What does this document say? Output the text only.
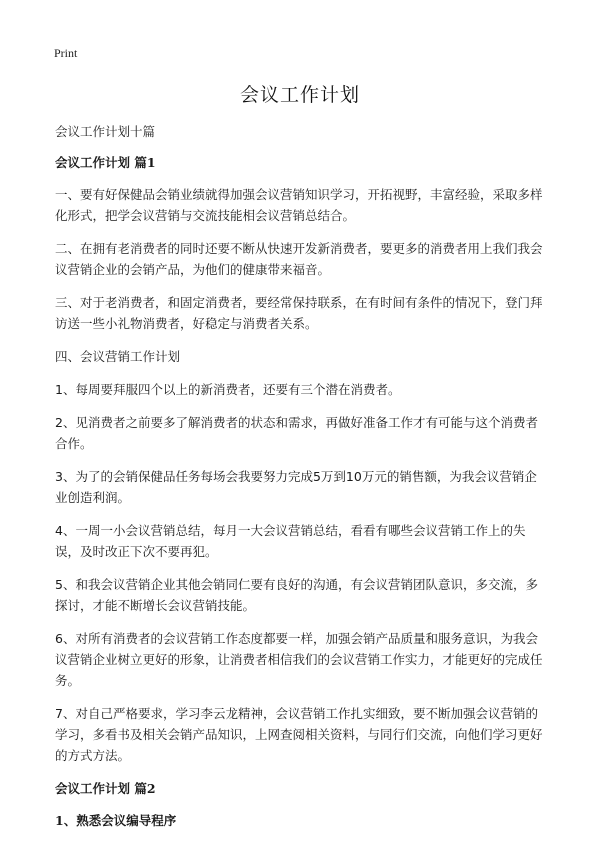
Print
会议工作计划

会议工作计划十篇

会议工作计划 篇1

一、要有好保健品会销业绩就得加强会议营销知识学习，开拓视野，丰富经验，采取多样化形式，把学会议营销与交流技能相会议营销总结合。

二、在拥有老消费者的同时还要不断从快速开发新消费者，要更多的消费者用上我们我会议营销企业的会销产品，为他们的健康带来福音。

三、对于老消费者，和固定消费者，要经常保持联系，在有时间有条件的情况下，登门拜访送一些小礼物消费者，好稳定与消费者关系。

四、会议营销工作计划

1、每周要拜服四个以上的新消费者，还要有三个潜在消费者。

2、见消费者之前要多了解消费者的状态和需求，再做好准备工作才有可能与这个消费者合作。

3、为了的会销保健品任务每场会我要努力完成5万到10万元的销售额，为我会议营销企业创造利润。

4、一周一小会议营销总结，每月一大会议营销总结，看看有哪些会议营销工作上的失误，及时改正下次不要再犯。

5、和我会议营销企业其他会销同仁要有良好的沟通，有会议营销团队意识，多交流，多探讨，才能不断增长会议营销技能。

6、对所有消费者的会议营销工作态度都要一样，加强会销产品质量和服务意识，为我会议营销企业树立更好的形象，让消费者相信我们的会议营销工作实力，才能更好的完成任务。

7、对自己严格要求，学习李云龙精神，会议营销工作扎实细致，要不断加强会议营销的学习，多看书及相关会销产品知识，上网查阅相关资料，与同行们交流，向他们学习更好的方式方法。

会议工作计划 篇2

1、熟悉会议编导程序
